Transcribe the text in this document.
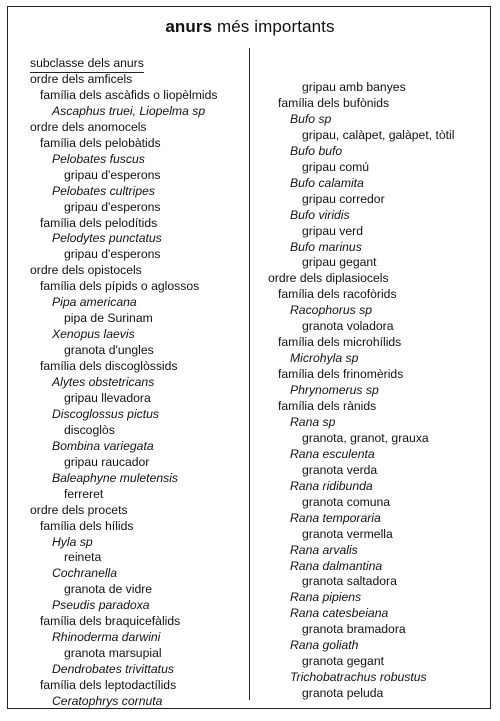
anurs més importants
subclasse dels anurs
ordre dels amficels
família dels ascàfids o liopèlmids
Ascaphus truei, Liopelma sp
ordre dels anomocels
família dels pelobàtids
Pelobates fuscus
gripau d'esperons
Pelobates cultripes
gripau d'esperons
família dels pelodítids
Pelodytes punctatus
gripau d'esperons
ordre dels opistocels
família dels pípids o aglossos
Pipa americana
pipa de Surinam
Xenopus laevis
granota d'ungles
família dels discoglòssids
Alytes obstetricans
gripau llevadora
Discoglossus pictus
discoglòs
Bombina variegata
gripau raucador
Baleaphyne muletensis
ferreret
ordre dels procets
família dels hílids
Hyla sp
reineta
Cochranella
granota de vidre
Pseudis paradoxa
família dels braquicefàlids
Rhinoderma darwini
granota marsupial
Dendrobates trivittatus
família dels leptodactílids
Ceratophrys cornuta
gripau amb banyes
família dels bufònids
Bufo sp
gripau, calàpet, galàpet, tòtil
Bufo bufo
gripau comú
Bufo calamita
gripau corredor
Bufo viridis
gripau verd
Bufo marinus
gripau gegant
ordre dels diplasiocels
família dels racofòrids
Racophorus sp
granota voladora
família dels microhílids
Microhyla sp
família dels frinomèrids
Phrynomerus sp
família dels rànids
Rana sp
granota, granot, grauxa
Rana esculenta
granota verda
Rana ridibunda
granota comuna
Rana temporaria
granota vermella
Rana arvalis
Rana dalmantina
granota saltadora
Rana pipiens
Rana catesbeiana
granota bramadora
Rana goliath
granota gegant
Trichobatrachus robustus
granota peluda
